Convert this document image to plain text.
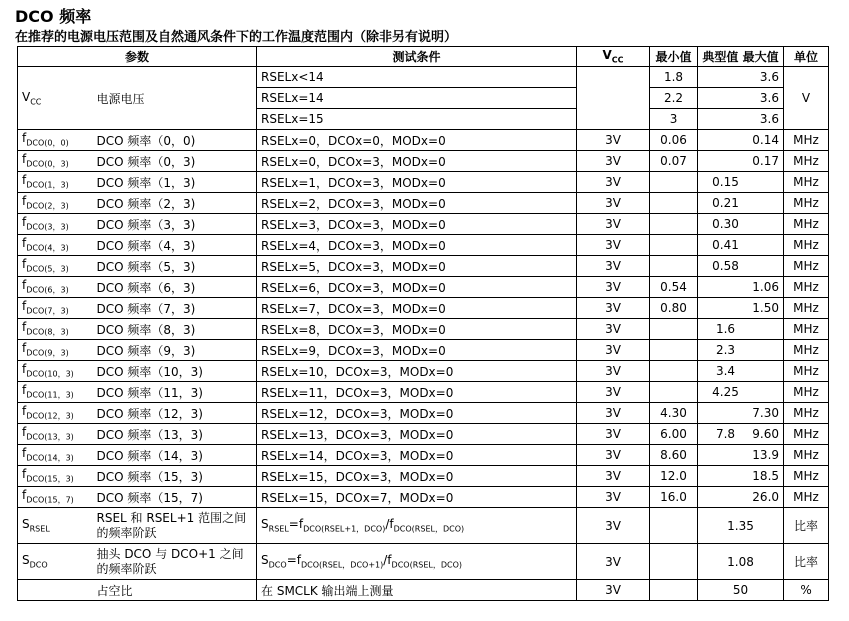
DCO 频率
在推荐的电源电压范围及自然通风条件下的工作温度范围内（除非另有说明）
参数		测试条件	$V_{CC}$	最小值	典型值 最大值		单位
$V_{CC}$	电源电压	RSELx<14		1.8		3.6	V
		RSELx=14		2.2		3.6	
		RSELx=15		3		3.6	
$f_{DCO(0,0)}$	DCO 频率（0，0)	RSELx=0，DCOx=0，MODx=0	3V	0.06	0.14		MHz
$f_{DCO(0,3)}$	DCO 频率（0，3)	RSELx=0，DCOx=3，MODx=0	3V	0.07	0.17		MHz
$f_{DCO(1,3)}$	DCO 频率（1，3)	RSELx=1，DCOx=3，MODx=0	3V		0.15		MHz
$f_{DCO(2,3)}$	DCO 频率（2，3)	RSELx=2，DCOx=3，MODx=0	3V		0.21		MHz
$f_{DCO(3,3)}$	DCO 频率（3，3)	RSELx=3，DCOx=3，MODx=0	3V		0.30		MHz
$f_{DCO(4,3)}$	DCO 频率（4，3)	RSELx=4，DCOx=3，MODx=0	3V		0.41		MHz
$f_{DCO(5,3)}$	DCO 频率（5，3)	RSELx=5，DCOx=3，MODx=0	3V		0.58		MHz
$f_{DCO(6,3)}$	DCO 频率（6，3)	RSELx=6，DCOx=3，MODx=0	3V	0.54	1.06		MHz
$f_{DCO(7,3)}$	DCO 频率（7，3)	RSELx=7，DCOx=3，MODx=0	3V	0.80	1.50		MHz
$f_{DCO(8,3)}$	DCO 频率（8，3)	RSELx=8，DCOx=3，MODx=0	3V		1.6		MHz
$f_{DCO(9,3)}$	DCO 频率（9，3)	RSELx=9，DCOx=3，MODx=0	3V		2.3		MHz
$f_{DCO(10,3)}$	DCO 频率（10，3)	RSELx=10，DCOx=3，MODx=0	3V		3.4		MHz
$f_{DCO(11,3)}$	DCO 频率（11，3)	RSELx=11，DCOx=3，MODx=0	3V		4.25		MHz
$f_{DCO(12,3)}$	DCO 频率（12，3)	RSELx=12，DCOx=3，MODx=0	3V	4.30	7.30		MHz
$f_{DCO(13,3)}$	DCO 频率（13，3)	RSELx=13，DCOx=3，MODx=0	3V	6.00	7.8 9.60		MHz
$f_{DCO(14,3)}$	DCO 频率（14，3)	RSELx=14，DCOx=3，MODx=0	3V	8.60	13.9		MHz
$f_{DCO(15,3)}$	DCO 频率（15，3)	RSELx=15，DCOx=3，MODx=0	3V	12.0	18.5		MHz
$f_{DCO(15,7)}$	DCO 频率（15，7)	RSELx=15，DCOx=7，MODx=0	3V	16.0	26.0		MHz
$S_{RSEL}$	RSEL 和 RSEL+1 范围之间的频率阶跃	$S_{RSEL}=f_{DCO(RSEL+1,DCO)}/f_{DCO(RSEL,DCO)}$	3V		1.35		比率
$S_{DCO}$	抽头 DCO 与 DCO+1 之间的频率阶跃	$S_{DCO}=f_{DCO(RSEL,DCO+1)}/f_{DCO(RSEL,DCO)}$	3V		1.08		比率
	占空比	在 SMCLK 输出端上测量	3V		50		%
